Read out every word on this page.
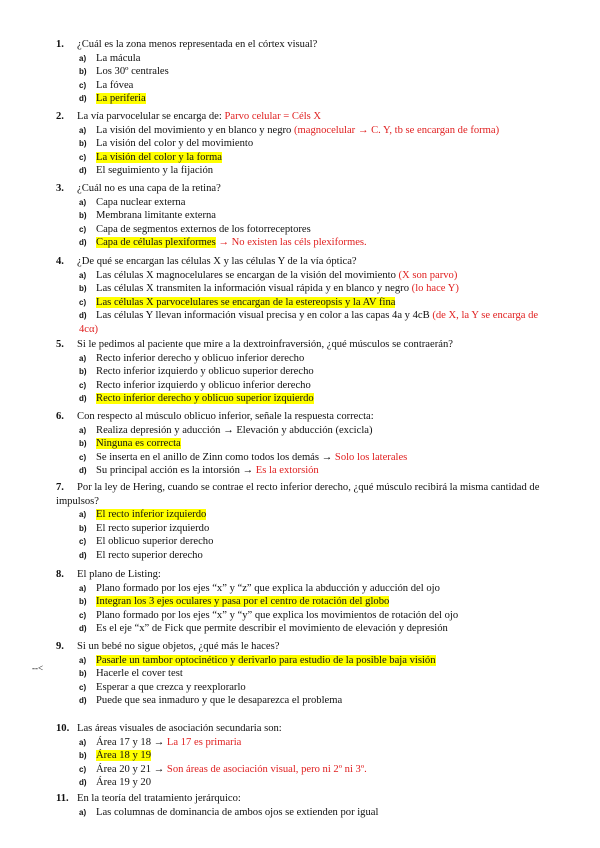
--<
1. ¿Cuál es la zona menos representada en el córtex visual?
a) La mácula
b) Los 30º centrales
c) La fóvea
d) La periferia
2. La vía parvocelular se encarga de: Parvo celular = Céls X
a) La visión del movimiento y en blanco y negro (magnocelular → C. Y, tb se encargan de forma)
b) La visión del color y del movimiento
c) La visión del color y la forma
d) El seguimiento y la fijación
3. ¿Cuál no es una capa de la retina?
a) Capa nuclear externa
b) Membrana limitante externa
c) Capa de segmentos externos de los fotorreceptores
d) Capa de células plexiformes → No existen las céls plexiformes.
4. ¿De qué se encargan las células X y las células Y de la vía óptica?
a) Las células X magnocelulares se encargan de la visión del movimiento (X son parvo)
b) Las células X transmiten la información visual rápida y en blanco y negro (lo hace Y)
c) Las células X parvocelulares se encargan de la estereopsis y la AV fina
d) Las células Y llevan información visual precisa y en color a las capas 4a y 4cB (de X, la Y se encarga de 4cα)
5. Si le pedimos al paciente que mire a la dextroinfraversión, ¿qué músculos se contraerán?
a) Recto inferior derecho y oblicuo inferior derecho
b) Recto inferior izquierdo y oblicuo superior derecho
c) Recto inferior izquierdo y oblicuo inferior derecho
d) Recto inferior derecho y oblicuo superior izquierdo
6. Con respecto al músculo oblicuo inferior, señale la respuesta correcta:
a) Realiza depresión y aducción → Elevación y abducción (excicla)
b) Ninguna es correcta
c) Se inserta en el anillo de Zinn como todos los demás → Solo los laterales
d) Su principal acción es la intorsión → Es la extorsión
7. Por la ley de Hering, cuando se contrae el recto inferior derecho, ¿qué músculo recibirá la misma cantidad de impulsos?
a) El recto inferior izquierdo
b) El recto superior izquierdo
c) El oblicuo superior derecho
d) El recto superior derecho
8. El plano de Listing:
a) Plano formado por los ejes “x” y “z” que explica la abducción y aducción del ojo
b) Integran los 3 ejes oculares y pasa por el centro de rotación del globo
c) Plano formado por los ejes “x” y “y” que explica los movimientos de rotación del ojo
d) Es el eje “x” de Fick que permite describir el movimiento de elevación y depresión
9. Si un bebé no sigue objetos, ¿qué más le haces?
a) Pasarle un tambor optocinético y derivarlo para estudio de la posible baja visión
b) Hacerle el cover test
c) Esperar a que crezca y reexplorarlo
d) Puede que sea inmaduro y que le desaparezca el problema
10. Las áreas visuales de asociación secundaria son:
a) Área 17 y 18 → La 17 es primaria
b) Área 18 y 19
c) Área 20 y 21 → Son áreas de asociación visual, pero ni 2º ni 3º.
d) Área 19 y 20
11. En la teoría del tratamiento jerárquico:
a) Las columnas de dominancia de ambos ojos se extienden por igual
